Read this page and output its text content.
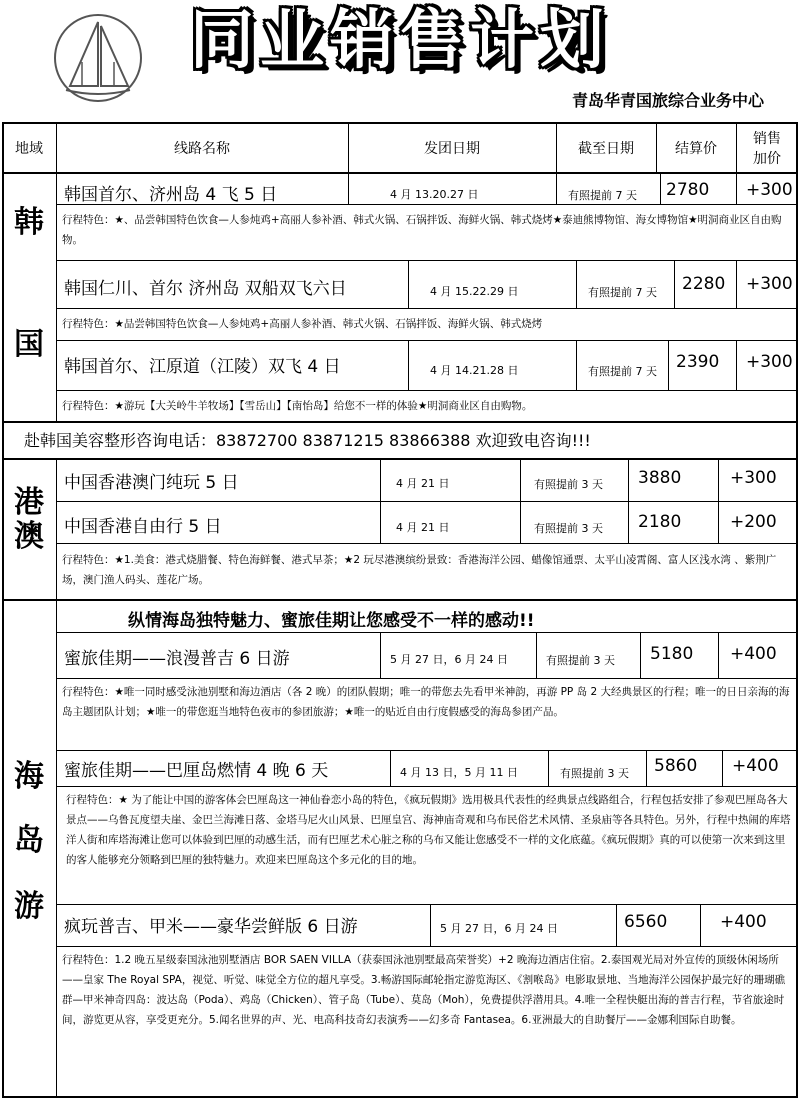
同业销售计划
青岛华青国旅综合业务中心
地域	线路名称	发团日期	截至日期	结算价
销售
加价
韩
国
韩国首尔、济州岛 4 飞 5 日	4 月 13.20.27 日	有照提前 7 天 2780 +300
行程特色：★、品尝韩国特色饮食—人参炖鸡+高丽人参补酒、韩式火锅、石锅拌饭、海鲜火锅、韩式烧烤★泰迪熊博物馆、海女博物馆★明洞商业区自由购物。
韩国仁川、首尔 济州岛 双船双飞六日	4 月 15.22.29 日	有照提前 7 天 2280 +300
行程特色：★品尝韩国特色饮食—人参炖鸡+高丽人参补酒、韩式火锅、石锅拌饭、海鲜火锅、韩式烧烤
韩国首尔、江原道（江陵）双飞 4 日	4 月 14.21.28 日	有照提前 7 天 2390 +300
行程特色：★游玩【大关岭牛羊牧场】【雪岳山】【南怡岛】给您不一样的体验★明洞商业区自由购物。
赴韩国美容整形咨询电话：83872700 83871215 83866388 欢迎致电咨询!!!
港
澳
中国香港澳门纯玩 5 日	4 月 21 日	有照提前 3 天 3880	+300
中国香港自由行 5 日	4 月 21 日	有照提前 3 天 2180	+200
行程特色：★1.美食：港式烧腊餐、特色海鲜餐、港式早茶；★2 玩尽港澳缤纷景致：香港海洋公园、蜡像馆通票、太平山凌霄阁、富人区浅水湾 、紫荆广场，澳门渔人码头、莲花广场。
海
岛
游
纵情海岛独特魅力、蜜旅佳期让您感受不一样的感动!!
蜜旅佳期——浪漫普吉 6 日游	5 月 27 日，6 月 24 日	有照提前 3 天 5180 +400
行程特色：★唯一同时感受泳池别墅和海边酒店（各 2 晚）的团队假期；唯一的带您去先看甲米神韵，再游 PP 岛 2 大经典景区的行程；唯一的日日亲海的海岛主题团队计划；★唯一的带您逛当地特色夜市的参团旅游；★唯一的贴近自由行度假感受的海岛参团产品。
蜜旅佳期——巴厘岛燃情 4 晚 6 天	4 月 13 日，5 月 11 日	有照提前 3 天 5860 +400
行程特色：★ 为了能让中国的游客体会巴厘岛这一神仙眷恋小岛的特色，《疯玩假期》选用极具代表性的经典景点线路组合，行程包括安排了参观巴厘岛各大景点——乌鲁瓦度望夫崖、金巴兰海滩日落、金塔马尼火山风景、巴厘皇宫、海神庙奇观和乌布民俗艺术风情、圣泉庙等各具特色。另外，行程中热闹的库塔洋人街和库塔海滩让您可以体验到巴厘的动感生活，而有巴厘艺术心脏之称的乌布又能让您感受不一样的文化底蕴。《疯玩假期》真的可以使第一次来到这里的客人能够充分领略到巴厘的独特魅力。欢迎来巴厘岛这个多元化的目的地。
疯玩普吉、甲米——豪华尝鲜版 6 日游	5 月 27 日，6 月 24 日	6560	+400
行程特色：1.2 晚五星级泰国泳池别墅酒店 BOR SAEN VILLA（获泰国泳池别墅最高荣誉奖）+2 晚海边酒店住宿。2.泰国观光局对外宣传的顶级休闲场所——皇家 The Royal SPA，视觉、听觉、味觉全方位的超凡享受。3.畅游国际邮轮指定游览海区、《割喉岛》电影取景地、当地海洋公园保护最完好的珊瑚礁群—甲米神奇四岛：波达岛（Poda）、鸡岛（Chicken）、管子岛（Tube）、莫岛（Moh），免费提供浮潜用具。4.唯一全程快艇出海的普吉行程，节省旅途时间，游览更从容，享受更充分。5.闻名世界的声、光、电高科技奇幻表演秀——幻多奇 Fantasea。6.亚洲最大的自助餐厅——金娜利国际自助餐。
